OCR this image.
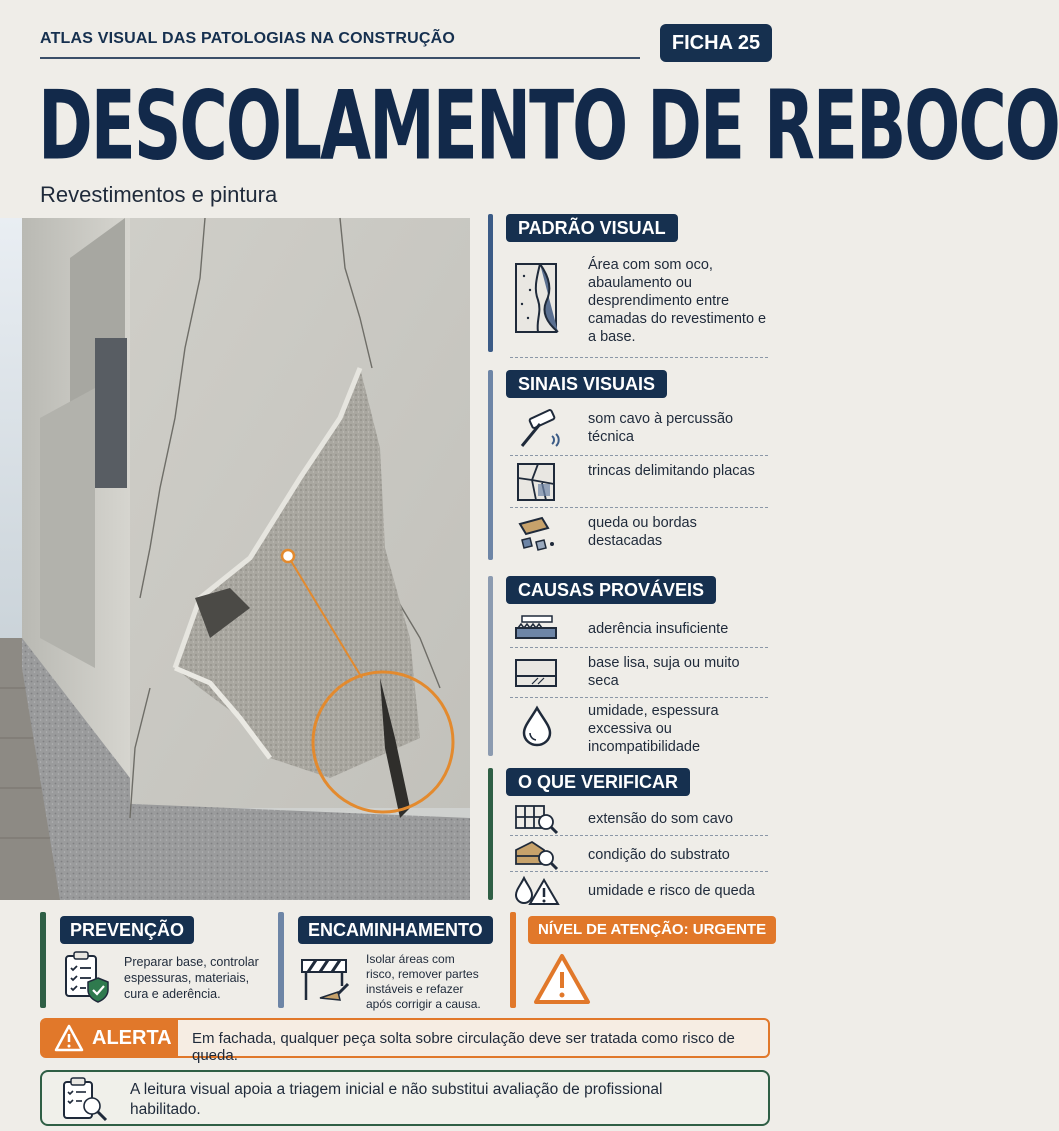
ATLAS VISUAL DAS PATOLOGIAS NA CONSTRUÇÃO	FICHA 25
DESCOLAMENTO DE REBOCO
Revestimentos e pintura
PADRÃO VISUAL
Área com som oco, abaulamento ou desprendimento entre camadas do revestimento e a base.
SINAIS VISUAIS
som cavo à percussão técnica
trincas delimitando placas
queda ou bordas destacadas
CAUSAS PROVÁVEIS
aderência insuficiente
base lisa, suja ou muito seca
umidade, espessura excessiva ou incompatibilidade
O QUE VERIFICAR
extensão do som cavo
condição do substrato
umidade e risco de queda
PREVENÇÃO
Preparar base, controlar espessuras, materiais, cura e aderência.
ENCAMINHAMENTO
Isolar áreas com risco, remover partes instáveis e refazer após corrigir a causa.
NÍVEL DE ATENÇÃO: URGENTE
ALERTA Em fachada, qualquer peça solta sobre circulação deve ser tratada como risco de queda.
A leitura visual apoia a triagem inicial e não substitui avaliação de profissional habilitado.
